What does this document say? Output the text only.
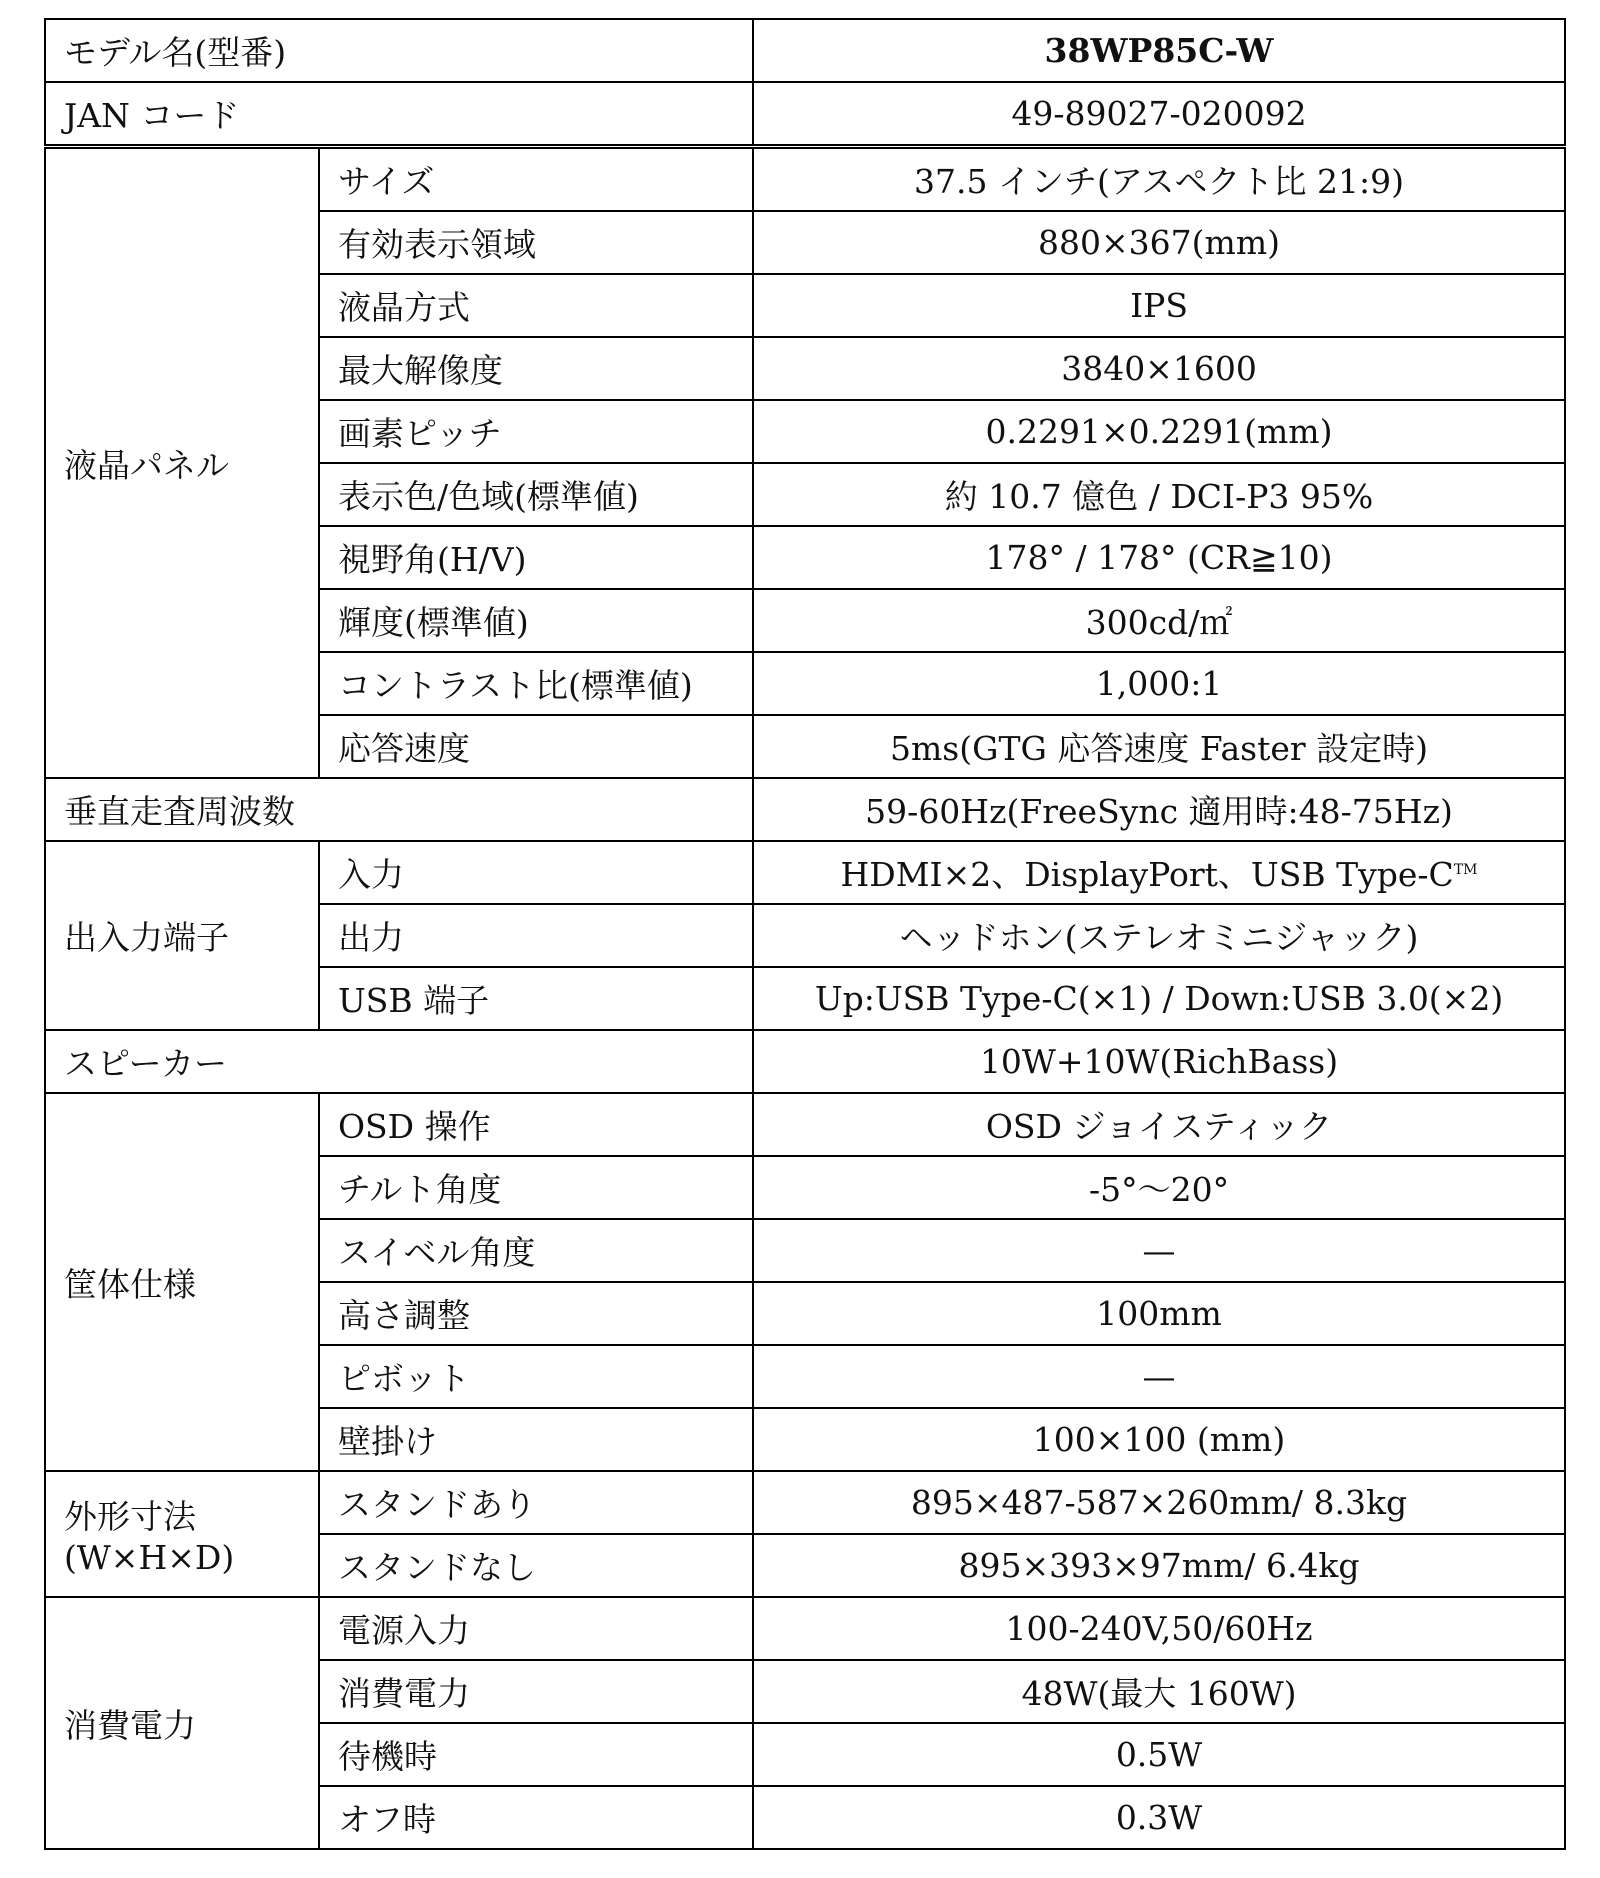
モデル名(型番)		38WP85C-W
JAN コード		49-89027-020092
液晶パネル	サイズ	37.5 インチ(アスペクト比 21:9)
	有効表示領域	880×367(mm)
	液晶方式	IPS
	最大解像度	3840×1600
	画素ピッチ	0.2291×0.2291(mm)
	表示色/色域(標準値)	約 10.7 億色 / DCI-P3 95%
	視野角(H/V)	178° / 178° (CR≧10)
	輝度(標準値)	300cd/㎡
	コントラスト比(標準値)	1,000:1
	応答速度	5ms(GTG 応答速度 Faster 設定時)
垂直走査周波数		59-60Hz(FreeSync 適用時:48-75Hz)
出入力端子	入力	HDMI×2、DisplayPort、USB Type-C™
	出力	ヘッドホン(ステレオミニジャック)
	USB 端子	Up:USB Type-C(×1) / Down:USB 3.0(×2)
スピーカー		10W+10W(RichBass)
筐体仕様	OSD 操作	OSD ジョイスティック
	チルト角度	-5°～20°
	スイベル角度	—
	高さ調整	100mm
	ピボット	—
	壁掛け	100×100 (mm)
外形寸法
(W×H×D)	スタンドあり	895×487-587×260mm/ 8.3kg
	スタンドなし	895×393×97mm/ 6.4kg
消費電力	電源入力	100-240V,50/60Hz
	消費電力	48W(最大 160W)
	待機時	0.5W
	オフ時	0.3W
